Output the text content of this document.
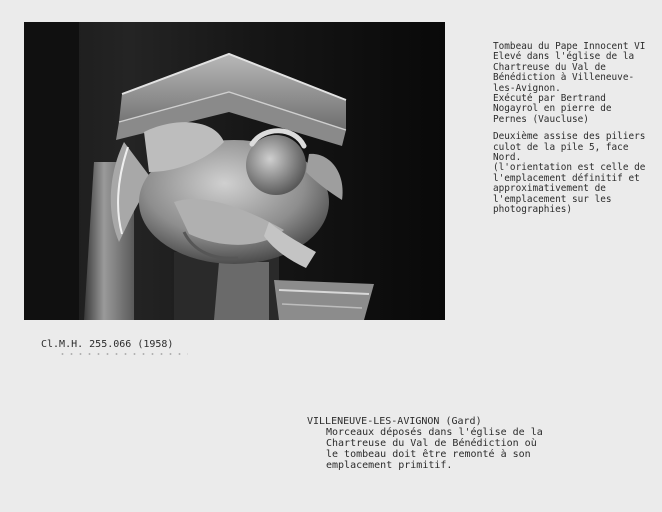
Tombeau du Pape Innocent VI
Elevé dans l'église de la
Chartreuse du Val de
Bénédiction à Villeneuve-
les-Avignon.
Exécuté par Bertrand
Nogayrol en pierre de
Pernes (Vaucluse)
Deuxième assise des piliers
culot de la pile 5, face
Nord.
(l'orientation est celle de
l'emplacement définitif et
approximativement de
l'emplacement sur les
photographies)
Cl.M.H. 255.066 (1958)
VILLENEUVE-LES-AVIGNON (Gard)
Morceaux déposés dans l'église de la
Chartreuse du Val de Bénédiction où
le tombeau doit être remonté à son
emplacement primitif.
